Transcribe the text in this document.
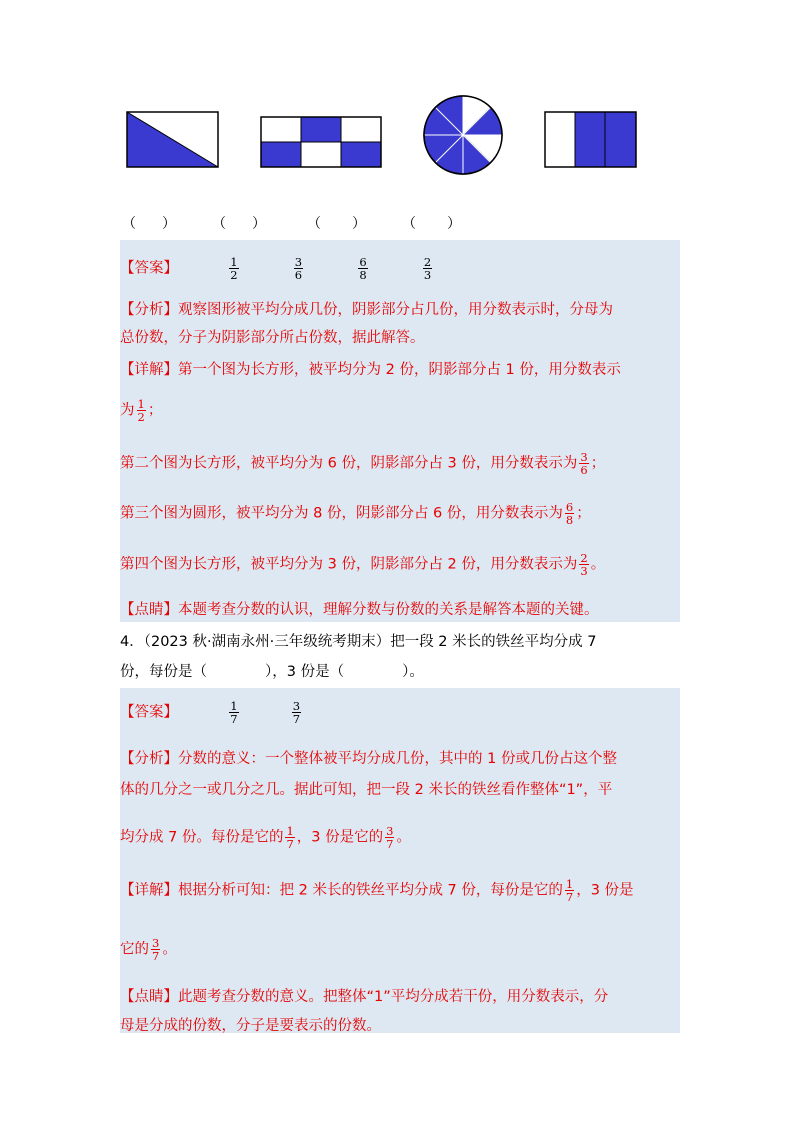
（ ）	（ ）	（ ）	（ ）
【答案】	$\frac{1}{2}$
	$\frac{3}{6}$
	$\frac{6}{8}$
	$\frac{2}{3}$
【分析】观察图形被平均分成几份，阴影部分占几份，用分数表示时，分母为
总份数，分子为阴影部分所占份数，据此解答。
【详解】第一个图为长方形，被平均分为 2 份，阴影部分占 1 份，用分数表示
为 $\frac{1}{2}$ ；
第二个图为长方形，被平均分为 6 份，阴影部分占 3 份，用分数表示为 $\frac{3}{6}$ ；
第三个图为圆形，被平均分为 8 份，阴影部分占 6 份，用分数表示为 $\frac{6}{8}$ ；
第四个图为长方形，被平均分为 3 份，阴影部分占 2 份，用分数表示为 $\frac{2}{3}$ 。
【点睛】本题考查分数的认识，理解分数与份数的关系是解答本题的关键。
4．（2023 秋·湖南永州·三年级统考期末）把一段 2 米长的铁丝平均分成 7
份，每份是（　　　　），3 份是（　　　　）。
【答案】	$\frac{1}{7}$
	$\frac{3}{7}$
【分析】分数的意义：一个整体被平均分成几份，其中的 1 份或几份占这个整
体的几分之一或几分之几。据此可知，把一段 2 米长的铁丝看作整体“1”，平
均分成 7 份。每份是它的 $\frac{1}{7}$ ，3 份是它的 $\frac{3}{7}$ 。
【详解】根据分析可知：把 2 米长的铁丝平均分成 7 份，每份是它的 $\frac{1}{7}$ ，3 份是
它的 $\frac{3}{7}$ 。
【点睛】此题考查分数的意义。把整体“1”平均分成若干份，用分数表示，分
母是分成的份数，分子是要表示的份数。
